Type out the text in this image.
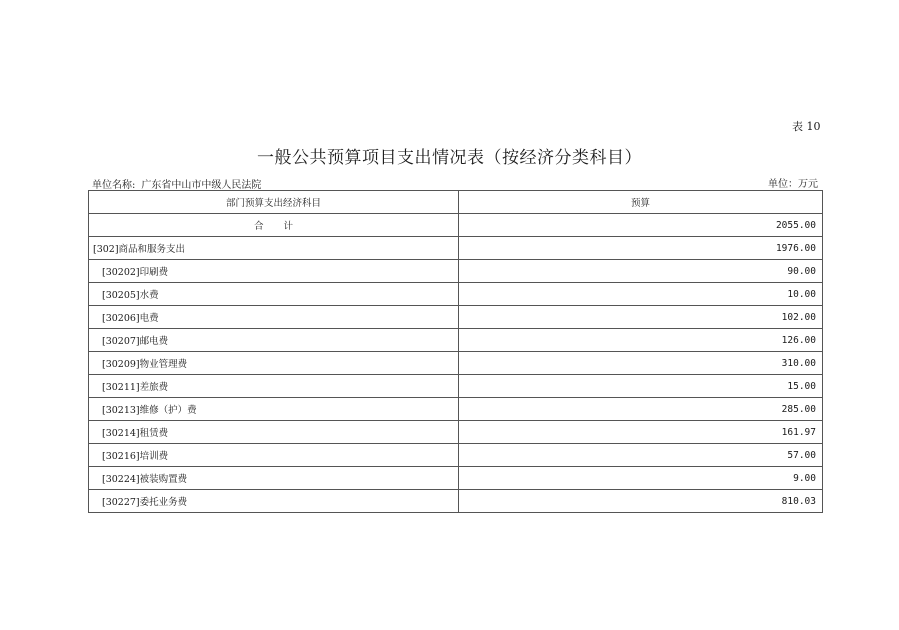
表 10
一般公共预算项目支出情况表（按经济分类科目）
单位名称: 广东省中山市中级人民法院	单位：万元
部门预算支出经济科目	预算
合计	2055.00
[302]商品和服务支出	1976.00
[30202]印刷费	90.00
[30205]水费	10.00
[30206]电费	102.00
[30207]邮电费	126.00
[30209]物业管理费	310.00
[30211]差旅费	15.00
[30213]维修（护）费	285.00
[30214]租赁费	161.97
[30216]培训费	57.00
[30224]被装购置费	9.00
[30227]委托业务费	810.03
